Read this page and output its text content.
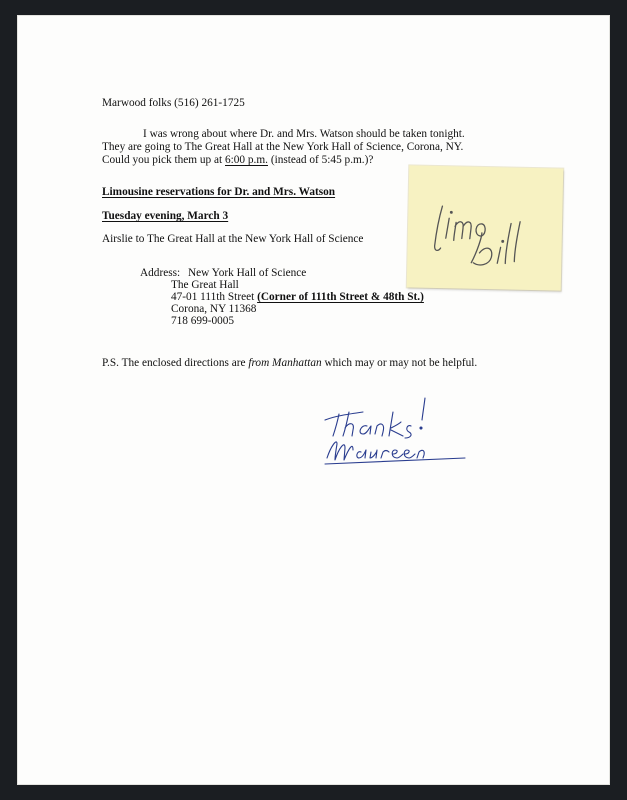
Marwood folks (516) 261-1725
I was wrong about where Dr. and Mrs. Watson should be taken tonight.
They are going to The Great Hall at the New York Hall of Science, Corona, NY.
Could you pick them up at 6:00 p.m. (instead of 5:45 p.m.)?
Limousine reservations for Dr. and Mrs. Watson
Tuesday evening, March 3
Airslie to The Great Hall at the New York Hall of Science
Address: New York Hall of Science
The Great Hall
47-01 111th Street (Corner of 111th Street & 48th St.)
Corona, NY 11368
718 699-0005
P.S. The enclosed directions are from Manhattan which may or may not be helpful.
